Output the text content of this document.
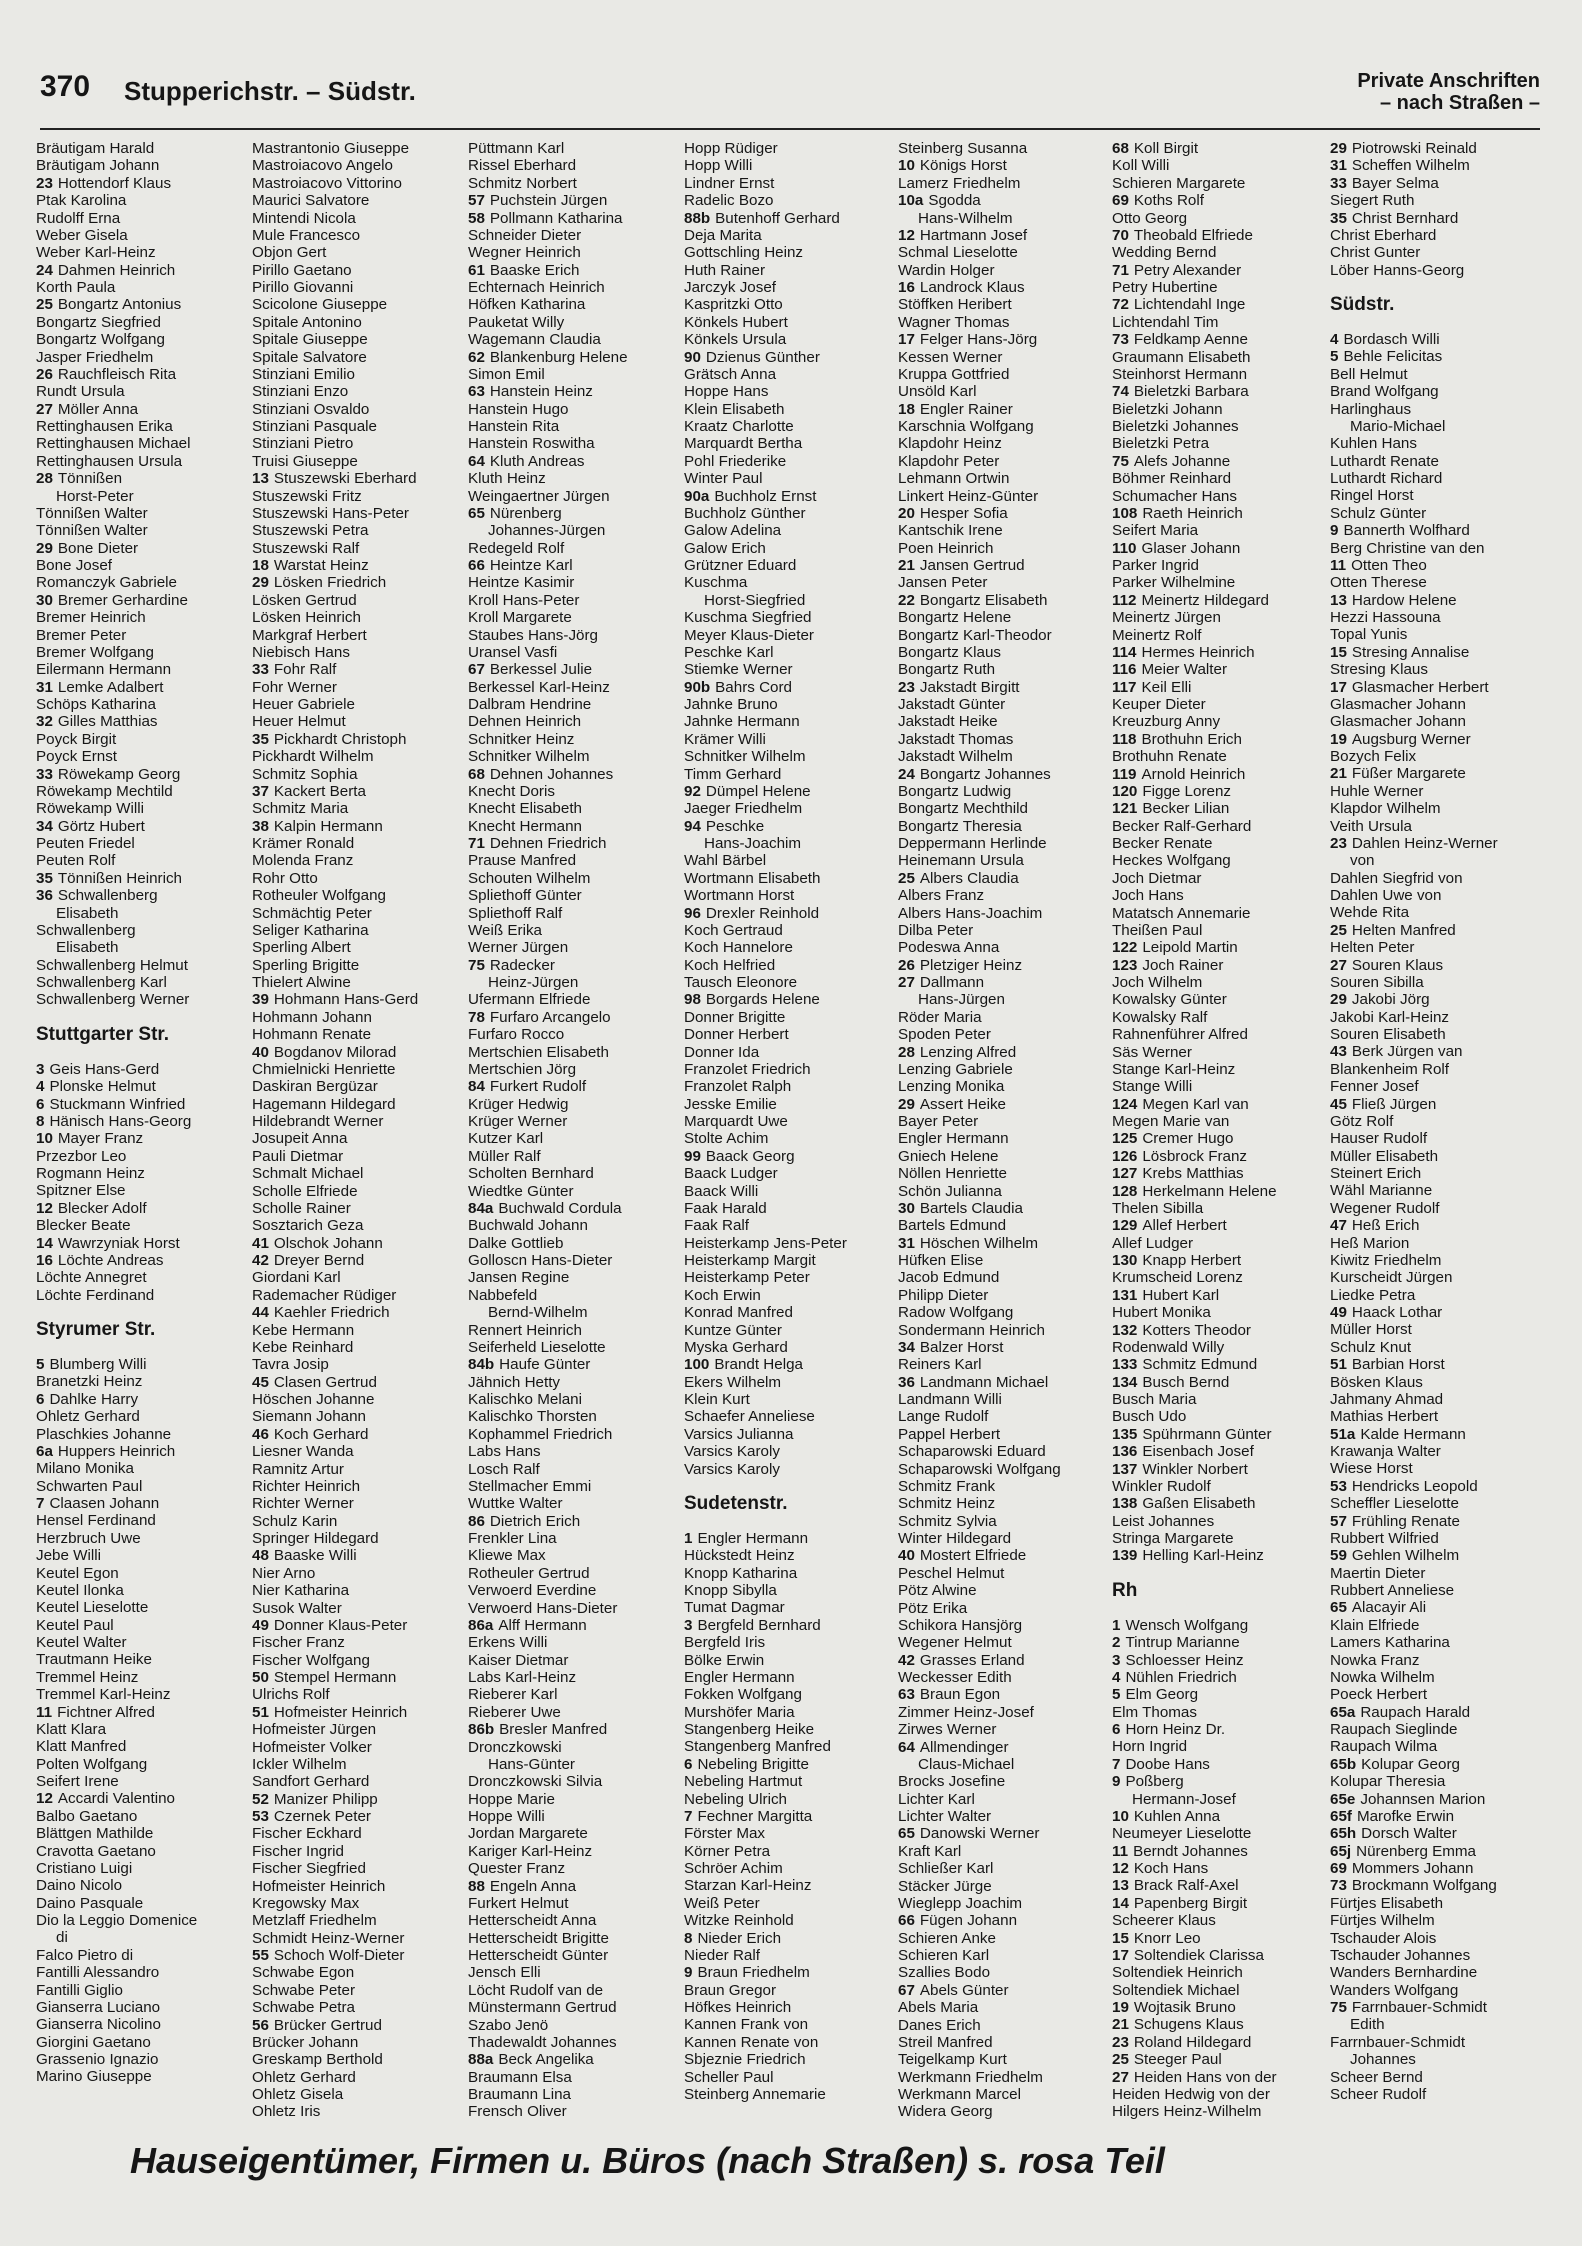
370 Stupperichstr. – Südstr.	Private Anschriften
– nach Straßen –
Bräutigam Harald
Bräutigam Johann
23 Hottendorf Klaus
Ptak Karolina
Rudolff Erna
Weber Gisela
Weber Karl-Heinz
24 Dahmen Heinrich
Korth Paula
25 Bongartz Antonius
Bongartz Siegfried
Bongartz Wolfgang
Jasper Friedhelm
26 Rauchfleisch Rita
Rundt Ursula
27 Möller Anna
Rettinghausen Erika
Rettinghausen Michael
Rettinghausen Ursula
28 Tönnißen
Horst-Peter
Tönnißen Walter
Tönnißen Walter
29 Bone Dieter
Bone Josef
Romanczyk Gabriele
30 Bremer Gerhardine
Bremer Heinrich
Bremer Peter
Bremer Wolfgang
Eilermann Hermann
31 Lemke Adalbert
Schöps Katharina
32 Gilles Matthias
Poyck Birgit
Poyck Ernst
33 Röwekamp Georg
Röwekamp Mechtild
Röwekamp Willi
34 Görtz Hubert
Peuten Friedel
Peuten Rolf
35 Tönnißen Heinrich
36 Schwallenberg
Elisabeth
Schwallenberg
Elisabeth
Schwallenberg Helmut
Schwallenberg Karl
Schwallenberg Werner
Stuttgarter Str.
3 Geis Hans-Gerd
4 Plonske Helmut
6 Stuckmann Winfried
8 Hänisch Hans-Georg
10 Mayer Franz
Przezbor Leo
Rogmann Heinz
Spitzner Else
12 Blecker Adolf
Blecker Beate
14 Wawrzyniak Horst
16 Löchte Andreas
Löchte Annegret
Löchte Ferdinand
Styrumer Str.
5 Blumberg Willi
Branetzki Heinz
6 Dahlke Harry
Ohletz Gerhard
Plaschkies Johanne
6a Huppers Heinrich
Milano Monika
Schwarten Paul
7 Claasen Johann
Hensel Ferdinand
Herzbruch Uwe
Jebe Willi
Keutel Egon
Keutel Ilonka
Keutel Lieselotte
Keutel Paul
Keutel Walter
Trautmann Heike
Tremmel Heinz
Tremmel Karl-Heinz
11 Fichtner Alfred
Klatt Klara
Klatt Manfred
Polten Wolfgang
Seifert Irene
12 Accardi Valentino
Balbo Gaetano
Blättgen Mathilde
Cravotta Gaetano
Cristiano Luigi
Daino Nicolo
Daino Pasquale
Dio la Leggio Domenice
di
Falco Pietro di
Fantilli Alessandro
Fantilli Giglio
Gianserra Luciano
Gianserra Nicolino
Giorgini Gaetano
Grassenio Ignazio
Marino Giuseppe
Mastrantonio Giuseppe
Mastroiacovo Angelo
Mastroiacovo Vittorino
Maurici Salvatore
Mintendi Nicola
Mule Francesco
Objon Gert
Pirillo Gaetano
Pirillo Giovanni
Scicolone Giuseppe
Spitale Antonino
Spitale Giuseppe
Spitale Salvatore
Stinziani Emilio
Stinziani Enzo
Stinziani Osvaldo
Stinziani Pasquale
Stinziani Pietro
Truisi Giuseppe
13 Stuszewski Eberhard
Stuszewski Fritz
Stuszewski Hans-Peter
Stuszewski Petra
Stuszewski Ralf
18 Warstat Heinz
29 Lösken Friedrich
Lösken Gertrud
Lösken Heinrich
Markgraf Herbert
Niebisch Hans
33 Fohr Ralf
Fohr Werner
Heuer Gabriele
Heuer Helmut
35 Pickhardt Christoph
Pickhardt Wilhelm
Schmitz Sophia
37 Kackert Berta
Schmitz Maria
38 Kalpin Hermann
Krämer Ronald
Molenda Franz
Rohr Otto
Rotheuler Wolfgang
Schmächtig Peter
Seliger Katharina
Sperling Albert
Sperling Brigitte
Thielert Alwine
39 Hohmann Hans-Gerd
Hohmann Johann
Hohmann Renate
40 Bogdanov Milorad
Chmielnicki Henriette
Daskiran Bergüzar
Hagemann Hildegard
Hildebrandt Werner
Josupeit Anna
Pauli Dietmar
Schmalt Michael
Scholle Elfriede
Scholle Rainer
Sosztarich Geza
41 Olschok Johann
42 Dreyer Bernd
Giordani Karl
Rademacher Rüdiger
44 Kaehler Friedrich
Kebe Hermann
Kebe Reinhard
Tavra Josip
45 Clasen Gertrud
Höschen Johanne
Siemann Johann
46 Koch Gerhard
Liesner Wanda
Ramnitz Artur
Richter Heinrich
Richter Werner
Schulz Karin
Springer Hildegard
48 Baaske Willi
Nier Arno
Nier Katharina
Susok Walter
49 Donner Klaus-Peter
Fischer Franz
Fischer Wolfgang
50 Stempel Hermann
Ulrichs Rolf
51 Hofmeister Heinrich
Hofmeister Jürgen
Hofmeister Volker
Ickler Wilhelm
Sandfort Gerhard
52 Manizer Philipp
53 Czernek Peter
Fischer Eckhard
Fischer Ingrid
Fischer Siegfried
Hofmeister Heinrich
Kregowsky Max
Metzlaff Friedhelm
Schmidt Heinz-Werner
55 Schoch Wolf-Dieter
Schwabe Egon
Schwabe Peter
Schwabe Petra
56 Brücker Gertrud
Brücker Johann
Greskamp Berthold
Ohletz Gerhard
Ohletz Gisela
Ohletz Iris
Püttmann Karl
Rissel Eberhard
Schmitz Norbert
57 Puchstein Jürgen
58 Pollmann Katharina
Schneider Dieter
Wegner Heinrich
61 Baaske Erich
Echternach Heinrich
Höfken Katharina
Pauketat Willy
Wagemann Claudia
62 Blankenburg Helene
Simon Emil
63 Hanstein Heinz
Hanstein Hugo
Hanstein Rita
Hanstein Roswitha
64 Kluth Andreas
Kluth Heinz
Weingaertner Jürgen
65 Nürenberg
Johannes-Jürgen
Redegeld Rolf
66 Heintze Karl
Heintze Kasimir
Kroll Hans-Peter
Kroll Margarete
Staubes Hans-Jörg
Uransel Vasfi
67 Berkessel Julie
Berkessel Karl-Heinz
Dalbram Hendrine
Dehnen Heinrich
Schnitker Heinz
Schnitker Wilhelm
68 Dehnen Johannes
Knecht Doris
Knecht Elisabeth
Knecht Hermann
71 Dehnen Friedrich
Prause Manfred
Schouten Wilhelm
Spliethoff Günter
Spliethoff Ralf
Weiß Erika
Werner Jürgen
75 Radecker
Heinz-Jürgen
Ufermann Elfriede
78 Furfaro Arcangelo
Furfaro Rocco
Mertschien Elisabeth
Mertschien Jörg
84 Furkert Rudolf
Krüger Hedwig
Krüger Werner
Kutzer Karl
Müller Ralf
Scholten Bernhard
Wiedtke Günter
84a Buchwald Cordula
Buchwald Johann
Dalke Gottlieb
Golloscn Hans-Dieter
Jansen Regine
Nabbefeld
Bernd-Wilhelm
Rennert Heinrich
Seiferheld Lieselotte
84b Haufe Günter
Jähnich Hetty
Kalischko Melani
Kalischko Thorsten
Kophammel Friedrich
Labs Hans
Losch Ralf
Stellmacher Emmi
Wuttke Walter
86 Dietrich Erich
Frenkler Lina
Kliewe Max
Rotheuler Gertrud
Verwoerd Everdine
Verwoerd Hans-Dieter
86a Alff Hermann
Erkens Willi
Kaiser Dietmar
Labs Karl-Heinz
Rieberer Karl
Rieberer Uwe
86b Bresler Manfred
Dronczkowski
Hans-Günter
Dronczkowski Silvia
Hoppe Marie
Hoppe Willi
Jordan Margarete
Kariger Karl-Heinz
Quester Franz
88 Engeln Anna
Furkert Helmut
Hetterscheidt Anna
Hetterscheidt Brigitte
Hetterscheidt Günter
Jensch Elli
Löcht Rudolf van de
Münstermann Gertrud
Szabo Jenö
Thadewaldt Johannes
88a Beck Angelika
Braumann Elsa
Braumann Lina
Frensch Oliver
Hopp Rüdiger
Hopp Willi
Lindner Ernst
Radelic Bozo
88b Butenhoff Gerhard
Deja Marita
Gottschling Heinz
Huth Rainer
Jarczyk Josef
Kaspritzki Otto
Könkels Hubert
Könkels Ursula
90 Dzienus Günther
Grätsch Anna
Hoppe Hans
Klein Elisabeth
Kraatz Charlotte
Marquardt Bertha
Pohl Friederike
Winter Paul
90a Buchholz Ernst
Buchholz Günther
Galow Adelina
Galow Erich
Grützner Eduard
Kuschma
Horst-Siegfried
Kuschma Siegfried
Meyer Klaus-Dieter
Peschke Karl
Stiemke Werner
90b Bahrs Cord
Jahnke Bruno
Jahnke Hermann
Krämer Willi
Schnitker Wilhelm
Timm Gerhard
92 Dümpel Helene
Jaeger Friedhelm
94 Peschke
Hans-Joachim
Wahl Bärbel
Wortmann Elisabeth
Wortmann Horst
96 Drexler Reinhold
Koch Gertraud
Koch Hannelore
Koch Helfried
Tausch Eleonore
98 Borgards Helene
Donner Brigitte
Donner Herbert
Donner Ida
Franzolet Friedrich
Franzolet Ralph
Jesske Emilie
Marquardt Uwe
Stolte Achim
99 Baack Georg
Baack Ludger
Baack Willi
Faak Harald
Faak Ralf
Heisterkamp Jens-Peter
Heisterkamp Margit
Heisterkamp Peter
Koch Erwin
Konrad Manfred
Kuntze Günter
Myska Gerhard
100 Brandt Helga
Ekers Wilhelm
Klein Kurt
Schaefer Anneliese
Varsics Julianna
Varsics Karoly
Varsics Karoly
Sudetenstr.
1 Engler Hermann
Hückstedt Heinz
Knopp Katharina
Knopp Sibylla
Tumat Dagmar
3 Bergfeld Bernhard
Bergfeld Iris
Bölke Erwin
Engler Hermann
Fokken Wolfgang
Murshöfer Maria
Stangenberg Heike
Stangenberg Manfred
6 Nebeling Brigitte
Nebeling Hartmut
Nebeling Ulrich
7 Fechner Margitta
Förster Max
Körner Petra
Schröer Achim
Starzan Karl-Heinz
Weiß Peter
Witzke Reinhold
8 Nieder Erich
Nieder Ralf
9 Braun Friedhelm
Braun Gregor
Höfkes Heinrich
Kannen Frank von
Kannen Renate von
Sbjeznie Friedrich
Scheller Paul
Steinberg Annemarie
Steinberg Susanna
10 Königs Horst
Lamerz Friedhelm
10a Sgodda
Hans-Wilhelm
12 Hartmann Josef
Schmal Lieselotte
Wardin Holger
16 Landrock Klaus
Stöffken Heribert
Wagner Thomas
17 Felger Hans-Jörg
Kessen Werner
Kruppa Gottfried
Unsöld Karl
18 Engler Rainer
Karschnia Wolfgang
Klapdohr Heinz
Klapdohr Peter
Lehmann Ortwin
Linkert Heinz-Günter
20 Hesper Sofia
Kantschik Irene
Poen Heinrich
21 Jansen Gertrud
Jansen Peter
22 Bongartz Elisabeth
Bongartz Helene
Bongartz Karl-Theodor
Bongartz Klaus
Bongartz Ruth
23 Jakstadt Birgitt
Jakstadt Günter
Jakstadt Heike
Jakstadt Thomas
Jakstadt Wilhelm
24 Bongartz Johannes
Bongartz Ludwig
Bongartz Mechthild
Bongartz Theresia
Deppermann Herlinde
Heinemann Ursula
25 Albers Claudia
Albers Franz
Albers Hans-Joachim
Dilba Peter
Podeswa Anna
26 Pletziger Heinz
27 Dallmann
Hans-Jürgen
Röder Maria
Spoden Peter
28 Lenzing Alfred
Lenzing Gabriele
Lenzing Monika
29 Assert Heike
Bayer Peter
Engler Hermann
Gniech Helene
Nöllen Henriette
Schön Julianna
30 Bartels Claudia
Bartels Edmund
31 Höschen Wilhelm
Hüfken Elise
Jacob Edmund
Philipp Dieter
Radow Wolfgang
Sondermann Heinrich
34 Balzer Horst
Reiners Karl
36 Landmann Michael
Landmann Willi
Lange Rudolf
Pappel Herbert
Schaparowski Eduard
Schaparowski Wolfgang
Schmitz Frank
Schmitz Heinz
Schmitz Sylvia
Winter Hildegard
40 Mostert Elfriede
Peschel Helmut
Pötz Alwine
Pötz Erika
Schikora Hansjörg
Wegener Helmut
42 Grasses Erland
Weckesser Edith
63 Braun Egon
Zimmer Heinz-Josef
Zirwes Werner
64 Allmendinger
Claus-Michael
Brocks Josefine
Lichter Karl
Lichter Walter
65 Danowski Werner
Kraft Karl
Schließer Karl
Stäcker Jürge
Wieglepp Joachim
66 Fügen Johann
Schieren Anke
Schieren Karl
Szallies Bodo
67 Abels Günter
Abels Maria
Danes Erich
Streil Manfred
Teigelkamp Kurt
Werkmann Friedhelm
Werkmann Marcel
Widera Georg
68 Koll Birgit
Koll Willi
Schieren Margarete
69 Koths Rolf
Otto Georg
70 Theobald Elfriede
Wedding Bernd
71 Petry Alexander
Petry Hubertine
72 Lichtendahl Inge
Lichtendahl Tim
73 Feldkamp Aenne
Graumann Elisabeth
Steinhorst Hermann
74 Bieletzki Barbara
Bieletzki Johann
Bieletzki Johannes
Bieletzki Petra
75 Alefs Johanne
Böhmer Reinhard
Schumacher Hans
108 Raeth Heinrich
Seifert Maria
110 Glaser Johann
Parker Ingrid
Parker Wilhelmine
112 Meinertz Hildegard
Meinertz Jürgen
Meinertz Rolf
114 Hermes Heinrich
116 Meier Walter
117 Keil Elli
Keuper Dieter
Kreuzburg Anny
118 Brothuhn Erich
Brothuhn Renate
119 Arnold Heinrich
120 Figge Lorenz
121 Becker Lilian
Becker Ralf-Gerhard
Becker Renate
Heckes Wolfgang
Joch Dietmar
Joch Hans
Matatsch Annemarie
Theißen Paul
122 Leipold Martin
123 Joch Rainer
Joch Wilhelm
Kowalsky Günter
Kowalsky Ralf
Rahnenführer Alfred
Säs Werner
Stange Karl-Heinz
Stange Willi
124 Megen Karl van
Megen Marie van
125 Cremer Hugo
126 Lösbrock Franz
127 Krebs Matthias
128 Herkelmann Helene
Thelen Sibilla
129 Allef Herbert
Allef Ludger
130 Knapp Herbert
Krumscheid Lorenz
131 Hubert Karl
Hubert Monika
132 Kotters Theodor
Rodenwald Willy
133 Schmitz Edmund
134 Busch Bernd
Busch Maria
Busch Udo
135 Spührmann Günter
136 Eisenbach Josef
137 Winkler Norbert
Winkler Rudolf
138 Gaßen Elisabeth
Leist Johannes
Stringa Margarete
139 Helling Karl-Heinz
Rh
1 Wensch Wolfgang
2 Tintrup Marianne
3 Schloesser Heinz
4 Nühlen Friedrich
5 Elm Georg
Elm Thomas
6 Horn Heinz Dr.
Horn Ingrid
7 Doobe Hans
9 Poßberg
Hermann-Josef
10 Kuhlen Anna
Neumeyer Lieselotte
11 Berndt Johannes
12 Koch Hans
13 Brack Ralf-Axel
14 Papenberg Birgit
Scheerer Klaus
15 Knorr Leo
17 Soltendiek Clarissa
Soltendiek Heinrich
Soltendiek Michael
19 Wojtasik Bruno
21 Schugens Klaus
23 Roland Hildegard
25 Steeger Paul
27 Heiden Hans von der
Heiden Hedwig von der
Hilgers Heinz-Wilhelm
29 Piotrowski Reinald
31 Scheffen Wilhelm
33 Bayer Selma
Siegert Ruth
35 Christ Bernhard
Christ Eberhard
Christ Gunter
Löber Hanns-Georg
Südstr.
4 Bordasch Willi
5 Behle Felicitas
Bell Helmut
Brand Wolfgang
Harlinghaus
Mario-Michael
Kuhlen Hans
Luthardt Renate
Luthardt Richard
Ringel Horst
Schulz Günter
9 Bannerth Wolfhard
Berg Christine van den
11 Otten Theo
Otten Therese
13 Hardow Helene
Hezzi Hassouna
Topal Yunis
15 Stresing Annalise
Stresing Klaus
17 Glasmacher Herbert
Glasmacher Johann
Glasmacher Johann
19 Augsburg Werner
Bozych Felix
21 Füßer Margarete
Huhle Werner
Klapdor Wilhelm
Veith Ursula
23 Dahlen Heinz-Werner
von
Dahlen Siegfrid von
Dahlen Uwe von
Wehde Rita
25 Helten Manfred
Helten Peter
27 Souren Klaus
Souren Sibilla
29 Jakobi Jörg
Jakobi Karl-Heinz
Souren Elisabeth
43 Berk Jürgen van
Blankenheim Rolf
Fenner Josef
45 Fließ Jürgen
Götz Rolf
Hauser Rudolf
Müller Elisabeth
Steinert Erich
Wähl Marianne
Wegener Rudolf
47 Heß Erich
Heß Marion
Kiwitz Friedhelm
Kurscheidt Jürgen
Liedke Petra
49 Haack Lothar
Müller Horst
Schulz Knut
51 Barbian Horst
Bösken Klaus
Jahmany Ahmad
Mathias Herbert
51a Kalde Hermann
Krawanja Walter
Wiese Horst
53 Hendricks Leopold
Scheffler Lieselotte
57 Frühling Renate
Rubbert Wilfried
59 Gehlen Wilhelm
Maertin Dieter
Rubbert Anneliese
65 Alacayir Ali
Klain Elfriede
Lamers Katharina
Nowka Franz
Nowka Wilhelm
Poeck Herbert
65a Raupach Harald
Raupach Sieglinde
Raupach Wilma
65b Kolupar Georg
Kolupar Theresia
65e Johannsen Marion
65f Marofke Erwin
65h Dorsch Walter
65j Nürenberg Emma
69 Mommers Johann
73 Brockmann Wolfgang
Fürtjes Elisabeth
Fürtjes Wilhelm
Tschauder Alois
Tschauder Johannes
Wanders Bernhardine
Wanders Wolfgang
75 Farrnbauer-Schmidt
Edith
Farrnbauer-Schmidt
Johannes
Scheer Bernd
Scheer Rudolf
Hauseigentümer, Firmen u. Büros (nach Straßen) s. rosa Teil
